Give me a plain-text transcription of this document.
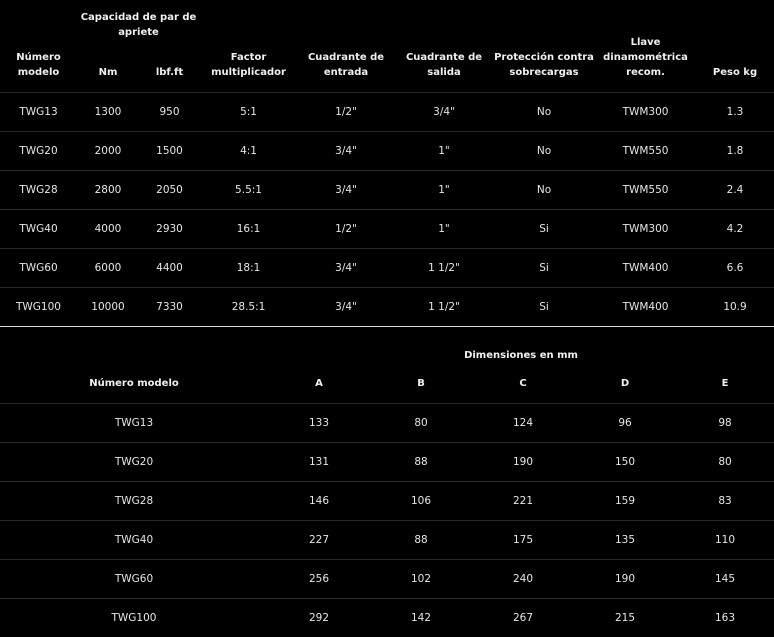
Número modelo	Capacidad de par de apriete		Factor multiplicador	Cuadrante de entrada	Cuadrante de salida	Protección contra sobrecargas	Llave dinamométrica recom.	Peso kg
	Nm	lbf.ft						
TWG13	1300	950	5:1	1/2"	3/4"	No	TWM300	1.3
TWG20	2000	1500	4:1	3/4"	1"	No	TWM550	1.8
TWG28	2800	2050	5.5:1	3/4"	1"	No	TWM550	2.4
TWG40	4000	2930	16:1	1/2"	1"	Si	TWM300	4.2
TWG60	6000	4400	18:1	3/4"	1 1/2"	Si	TWM400	6.6
TWG100	10000	7330	28.5:1	3/4"	1 1/2"	Si	TWM400	10.9
	Dimensiones en mm				
Número modelo	A	B	C	D	E
TWG13	133	80	124	96	98
TWG20	131	88	190	150	80
TWG28	146	106	221	159	83
TWG40	227	88	175	135	110
TWG60	256	102	240	190	145
TWG100	292	142	267	215	163
